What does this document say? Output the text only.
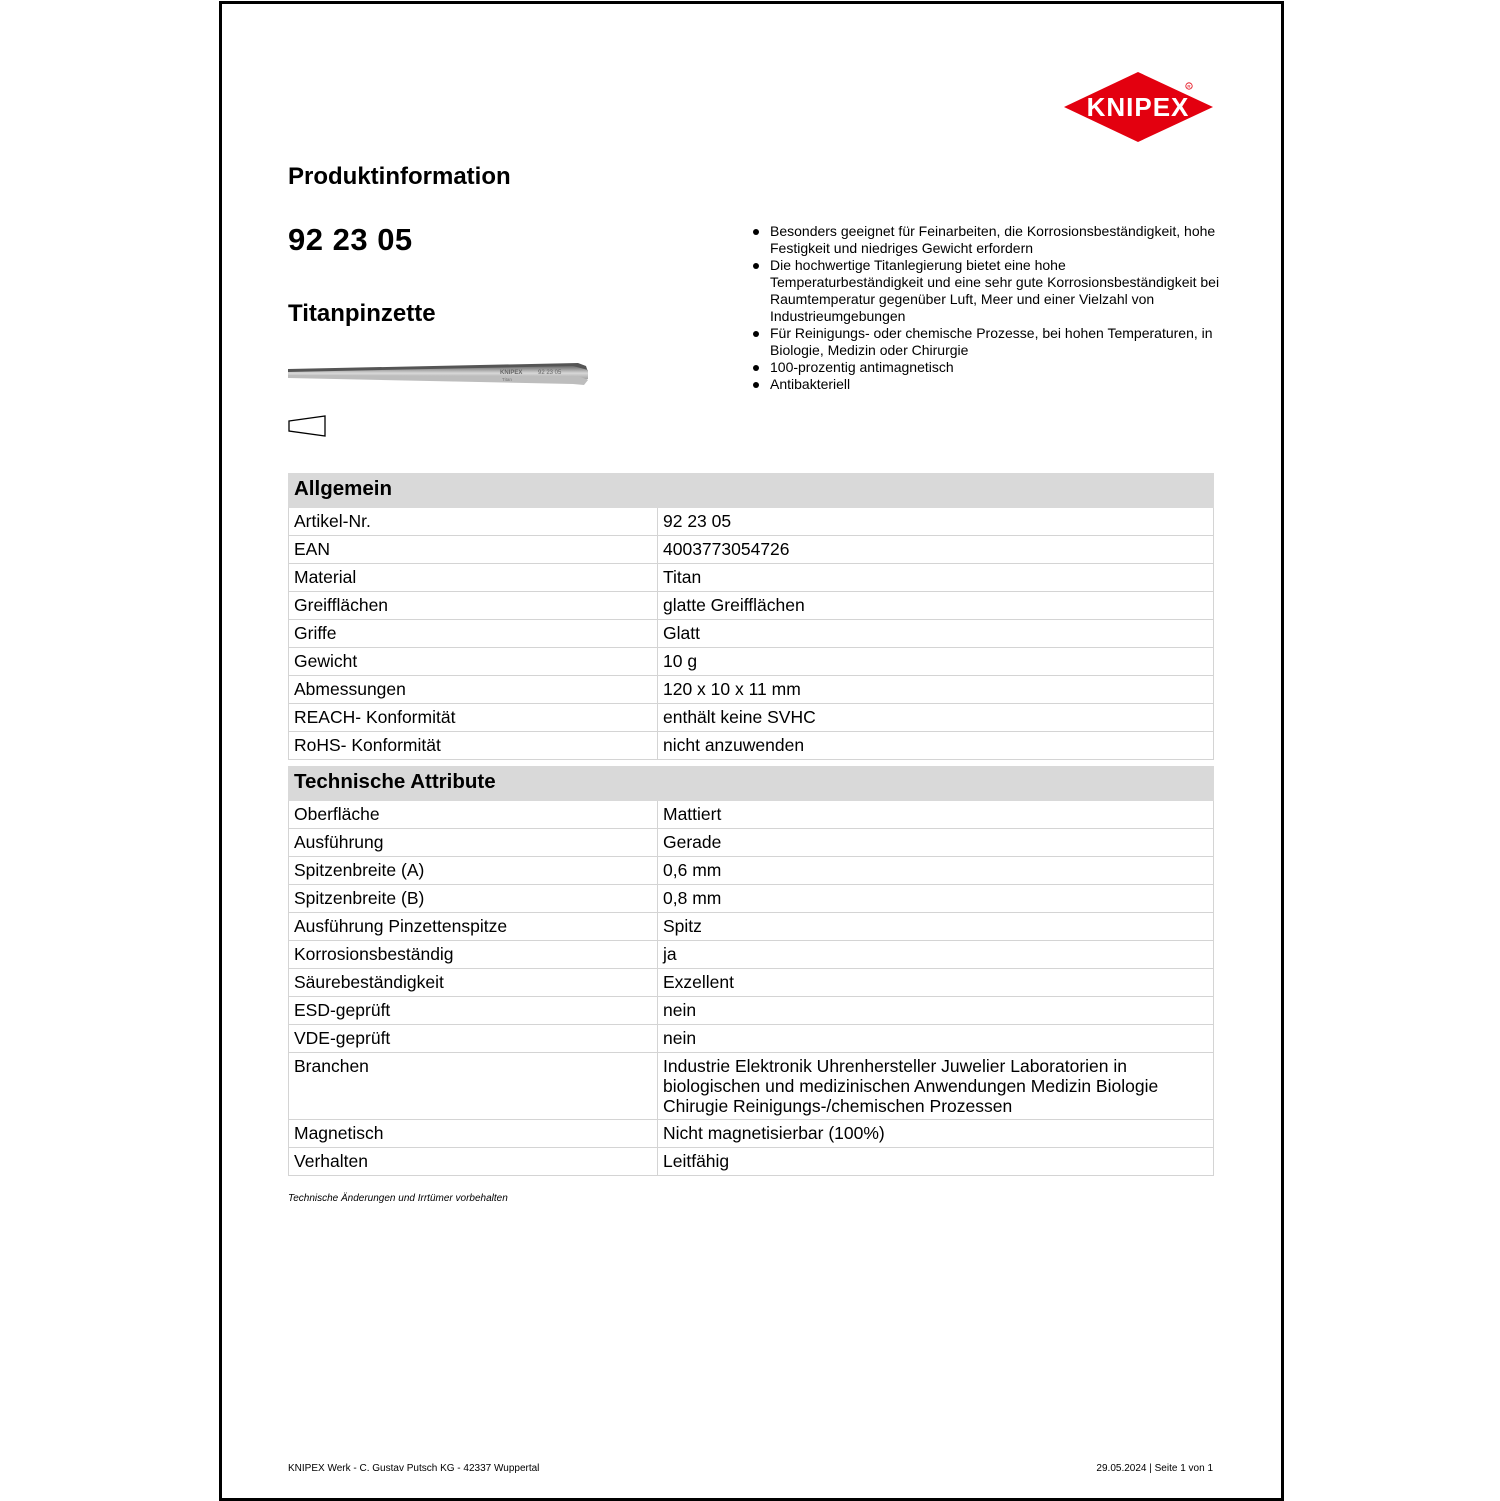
KNIPEX
R
Produktinformation
92 23 05
Titanpinzette
KNIPEX	92 23 05
Titan
Besonders geeignet für Feinarbeiten, die Korrosionsbeständigkeit, hohe Festigkeit und niedriges Gewicht erfordern
Die hochwertige Titanlegierung bietet eine hohe Temperaturbeständigkeit und eine sehr gute Korrosionsbeständigkeit bei Raumtemperatur gegenüber Luft, Meer und einer Vielzahl von Industrieumgebungen
Für Reinigungs- oder chemische Prozesse, bei hohen Temperaturen, in Biologie, Medizin oder Chirurgie
100-prozentig antimagnetisch
Antibakteriell
Allgemein	
Artikel-Nr.	92 23 05
EAN	4003773054726
Material	Titan
Greifflächen	glatte Greifflächen
Griffe	Glatt
Gewicht	10 g
Abmessungen	120 x 10 x 11 mm
REACH- Konformität	enthält keine SVHC
RoHS- Konformität	nicht anzuwenden

Technische Attribute	
Oberfläche	Mattiert
Ausführung	Gerade
Spitzenbreite (A)	0,6 mm
Spitzenbreite (B)	0,8 mm
Ausführung Pinzettenspitze	Spitz
Korrosionsbeständig	ja
Säurebeständigkeit	Exzellent
ESD-geprüft	nein
VDE-geprüft	nein
Branchen	Industrie Elektronik Uhrenhersteller Juwelier Laboratorien in biologischen und medizinischen Anwendungen Medizin Biologie Chirugie Reinigungs-/chemischen Prozessen
Magnetisch	Nicht magnetisierbar (100%)
Verhalten	Leitfähig
Technische Änderungen und Irrtümer vorbehalten
KNIPEX Werk - C. Gustav Putsch KG - 42337 Wuppertal	29.05.2024 | Seite 1 von 1
